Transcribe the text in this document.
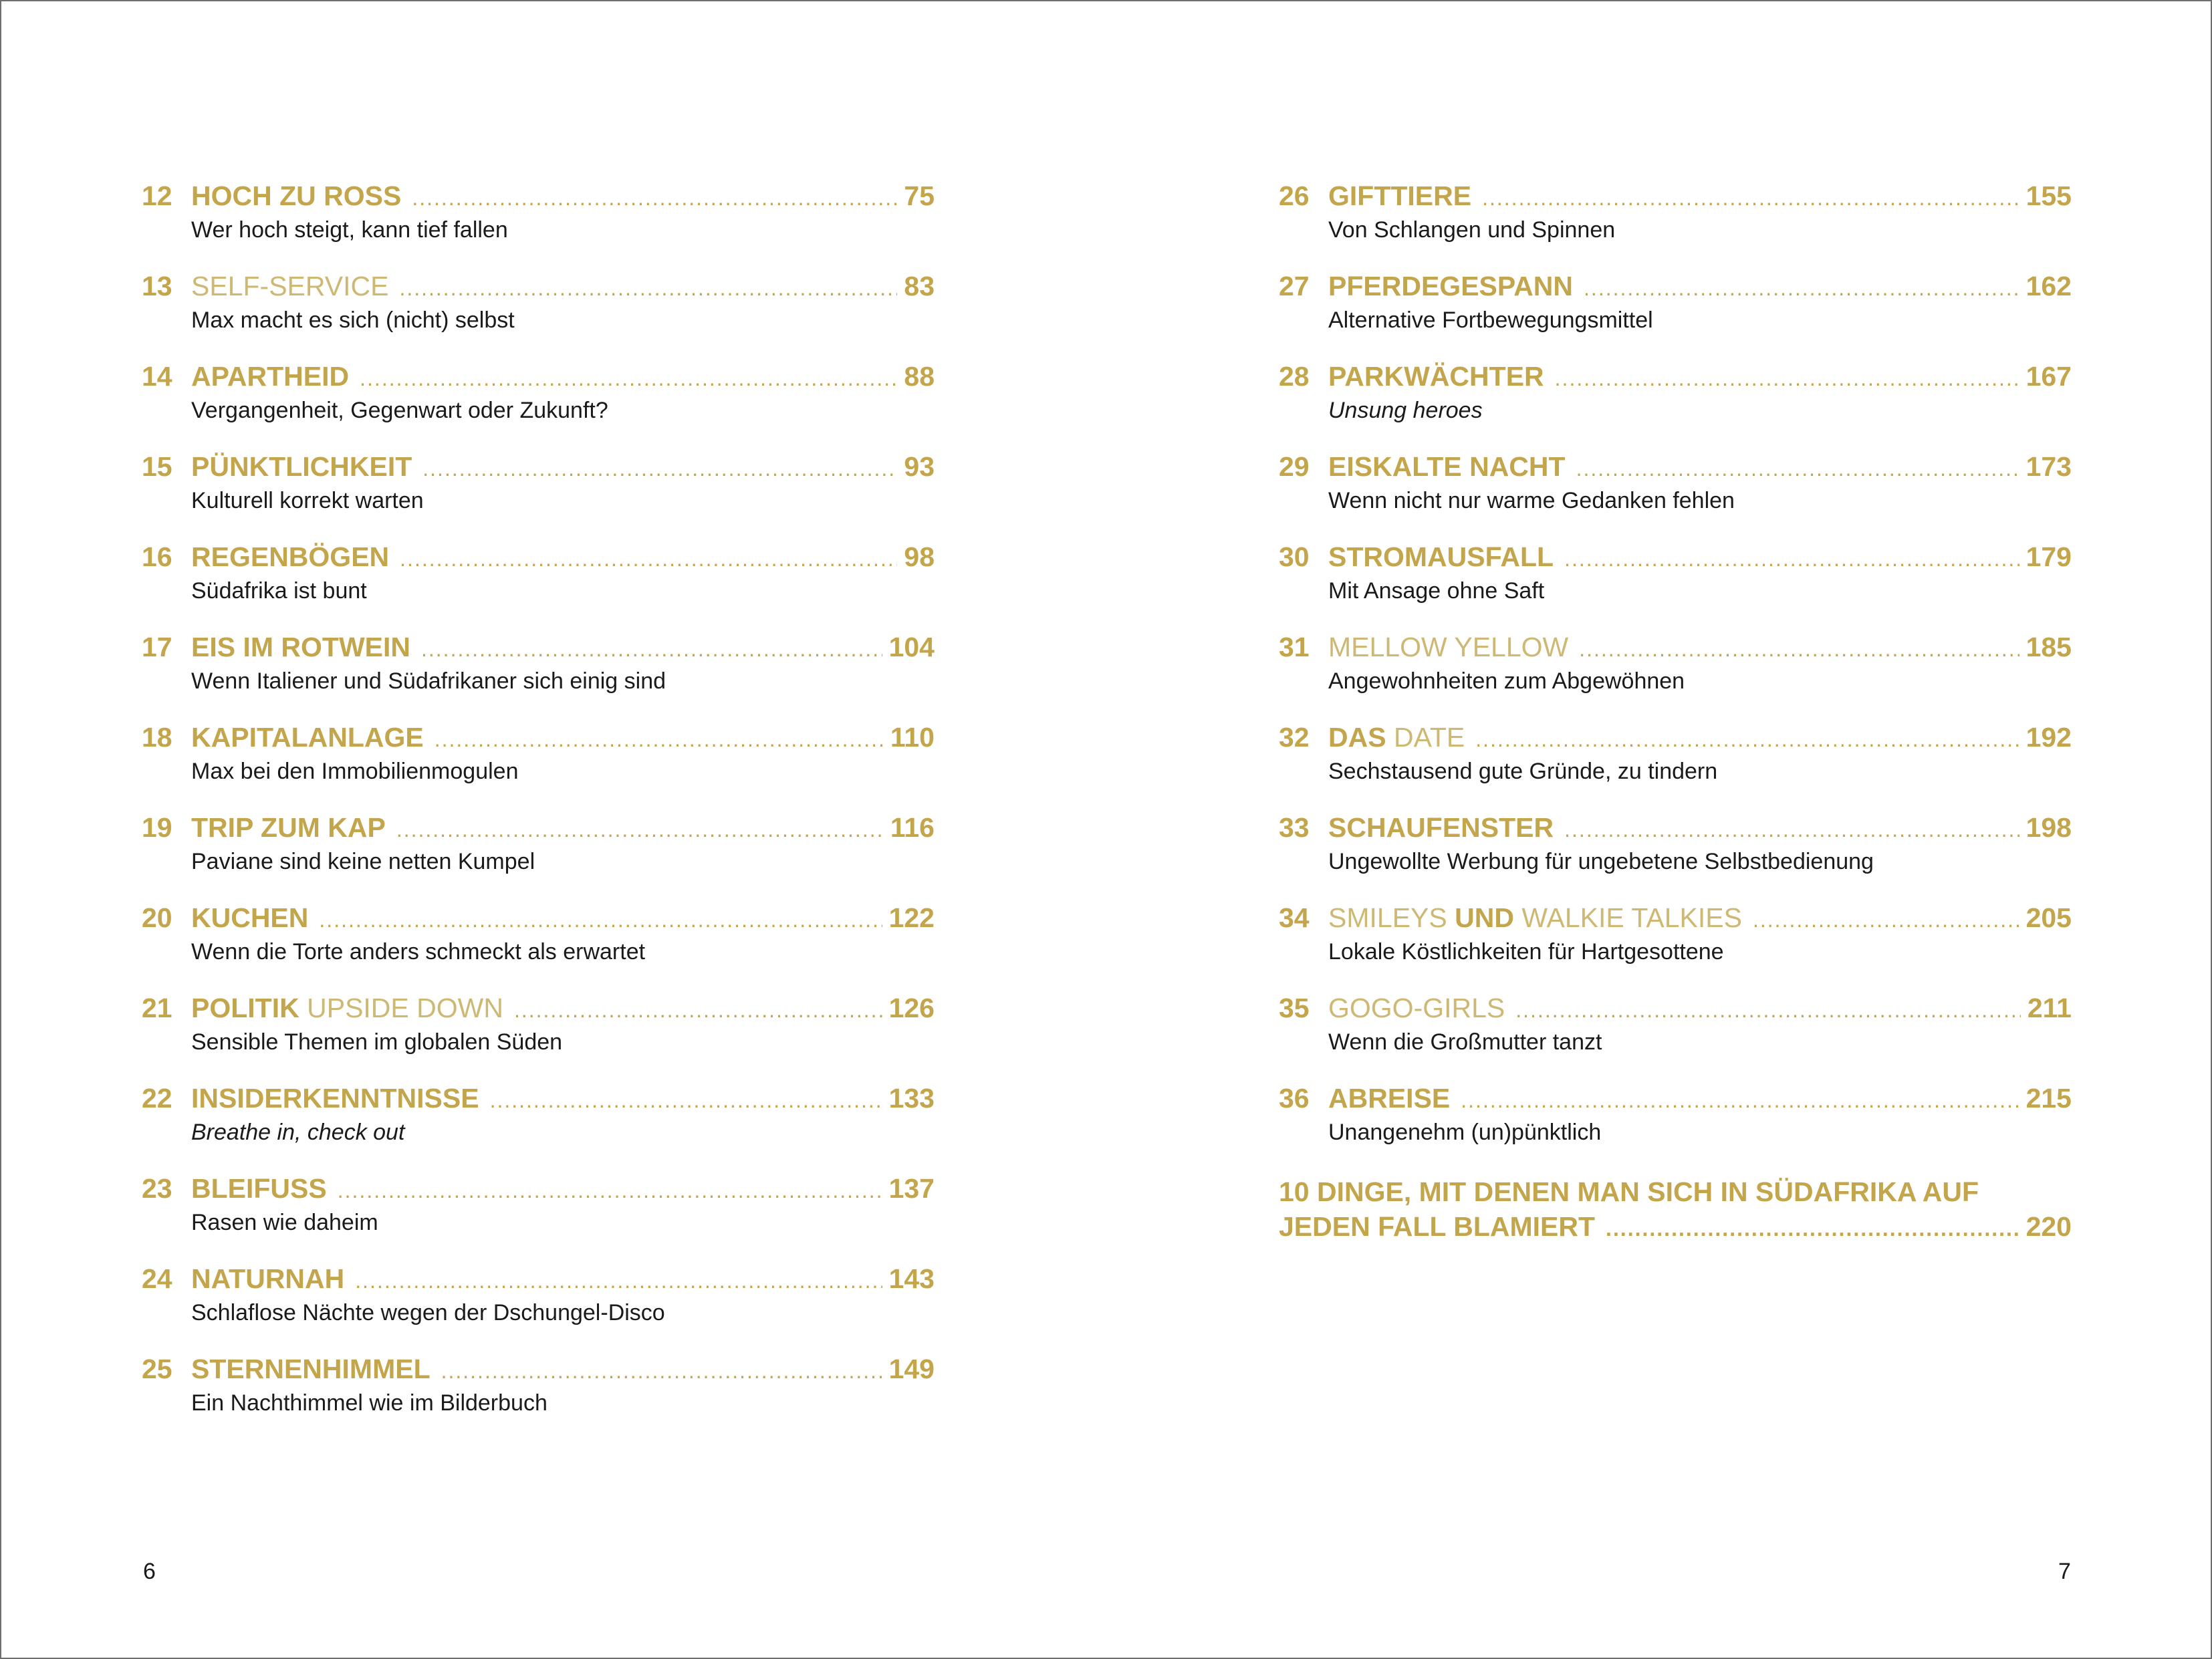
12 HOCH ZU ROSS .....	75
Wer hoch steigt, kann tief fallen
13 SELF-SERVICE .....	83
Max macht es sich (nicht) selbst
14 APARTHEID .....	88
Vergangenheit, Gegenwart oder Zukunft?
15 PÜNKTLICHKEIT .....	93
Kulturell korrekt warten
16 REGENBÖGEN .....	98
Südafrika ist bunt
17 EIS IM ROTWEIN .....	104
Wenn Italiener und Südafrikaner sich einig sind
18 KAPITALANLAGE .....	110
Max bei den Immobilienmogulen
19 TRIP ZUM KAP .....	116
Paviane sind keine netten Kumpel
20 KUCHEN .....	122
Wenn die Torte anders schmeckt als erwartet
21 POLITIK UPSIDE DOWN .....	126
Sensible Themen im globalen Süden
22 INSIDERKENNTNISSE .....	133
Breathe in, check out
23 BLEIFUSS .....	137
Rasen wie daheim
24 NATURNAH .....	143
Schlaflose Nächte wegen der Dschungel-Disco
25 STERNENHIMMEL .....	149
Ein Nachthimmel wie im Bilderbuch
26 GIFTTIERE .....	155
Von Schlangen und Spinnen
27 PFERDEGESPANN .....	162
Alternative Fortbewegungsmittel
28 PARKWÄCHTER .....	167
Unsung heroes
29 EISKALTE NACHT .....	173
Wenn nicht nur warme Gedanken fehlen
30 STROMAUSFALL .....	179
Mit Ansage ohne Saft
31 MELLOW YELLOW .....	185
Angewohnheiten zum Abgewöhnen
32 DAS DATE .....	192
Sechstausend gute Gründe, zu tindern
33 SCHAUFENSTER .....	198
Ungewollte Werbung für ungebetene Selbstbedienung
34 SMILEYS UND WALKIE TALKIES .....	205
Lokale Köstlichkeiten für Hartgesottene
35 GOGO-GIRLS .....	211
Wenn die Großmutter tanzt
36 ABREISE .....	215
Unangenehm (un)pünktlich
10 DINGE, MIT DENEN MAN SICH IN SÜDAFRIKA AUF
JEDEN FALL BLAMIERT .....	220
6	7
